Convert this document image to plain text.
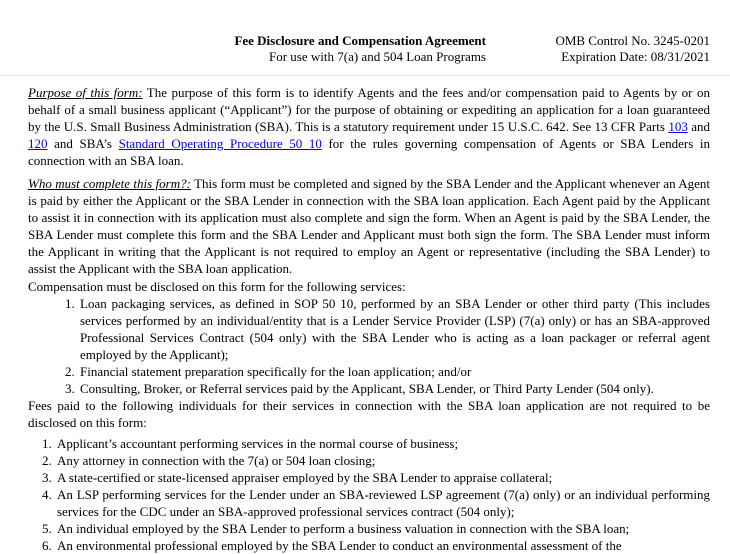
Fee Disclosure and Compensation Agreement
For use with 7(a) and 504 Loan Programs
OMB Control No. 3245-0201
Expiration Date: 08/31/2021

Purpose of this form: The purpose of this form is to identify Agents and the fees and/or compensation paid to Agents by or on behalf of a small business applicant (“Applicant”) for the purpose of obtaining or expediting an application for a loan guaranteed by the U.S. Small Business Administration (SBA). This is a statutory requirement under 15 U.S.C. 642. See 13 CFR Parts 103 and 120 and SBA’s Standard Operating Procedure 50 10 for the rules governing compensation of Agents or SBA Lenders in connection with an SBA loan.

Who must complete this form?: This form must be completed and signed by the SBA Lender and the Applicant whenever an Agent is paid by either the Applicant or the SBA Lender in connection with the SBA loan application. Each Agent paid by the Applicant to assist it in connection with its application must also complete and sign the form. When an Agent is paid by the SBA Lender, the SBA Lender must complete this form and the SBA Lender and Applicant must both sign the form. The SBA Lender must inform the Applicant in writing that the Applicant is not required to employ an Agent or representative (including the SBA Lender) to assist the Applicant with the SBA loan application.

Compensation must be disclosed on this form for the following services:

1. Loan packaging services, as defined in SOP 50 10, performed by an SBA Lender or other third party (This includes services performed by an individual/entity that is a Lender Service Provider (LSP) (7(a) only) or has an SBA-approved Professional Services Contract (504 only) with the SBA Lender who is acting as a loan packager or referral agent employed by the Applicant);
2. Financial statement preparation specifically for the loan application; and/or
3. Consulting, Broker, or Referral services paid by the Applicant, SBA Lender, or Third Party Lender (504 only).

Fees paid to the following individuals for their services in connection with the SBA loan application are not required to be disclosed on this form:

1. Applicant’s accountant performing services in the normal course of business;
2. Any attorney in connection with the 7(a) or 504 loan closing;
3. A state-certified or state-licensed appraiser employed by the SBA Lender to appraise collateral;
4. An LSP performing services for the Lender under an SBA-reviewed LSP agreement (7(a) only) or an individual performing services for the CDC under an SBA-approved professional services contract (504 only);
5. An individual employed by the SBA Lender to perform a business valuation in connection with the SBA loan;
6. An environmental professional employed by the SBA Lender to conduct an environmental assessment of the
